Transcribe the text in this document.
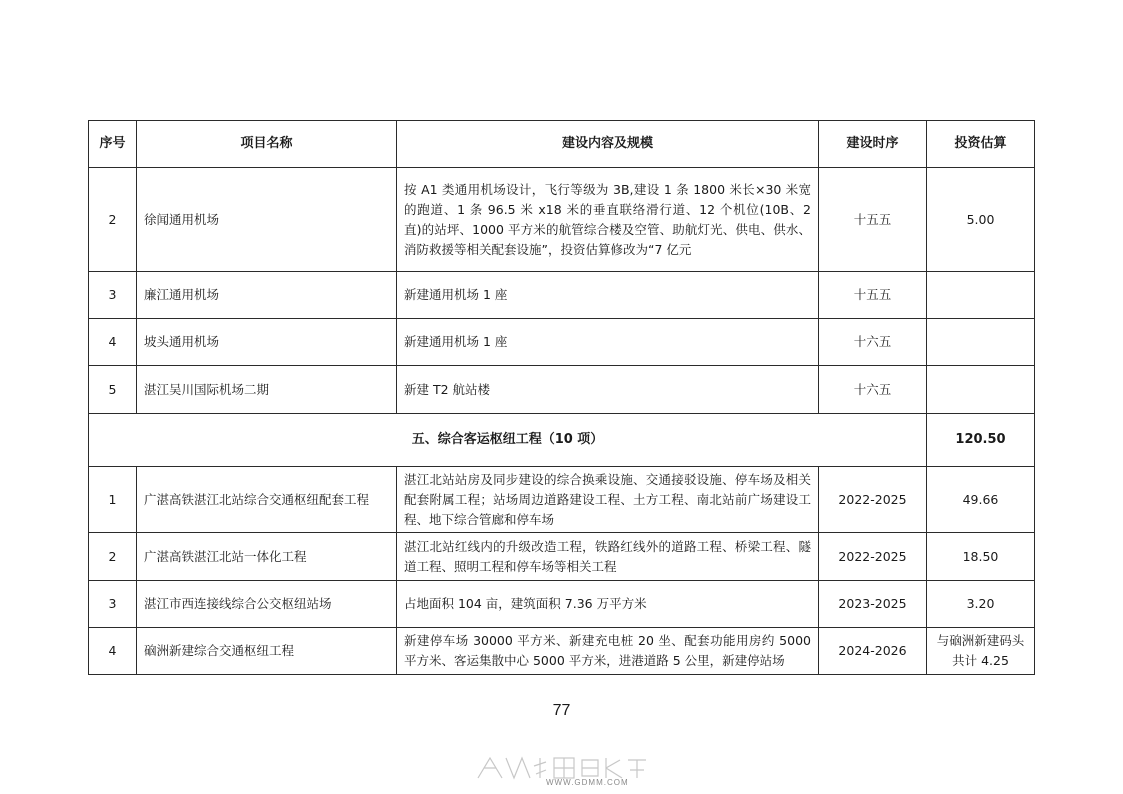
序号	项目名称	建设内容及规模	建设时序	投资估算
2	徐闻通用机场	按 A1 类通用机场设计，飞行等级为 3B,建设 1 条 1800 米长×30 米宽的跑道、1 条 96.5 米 x18 米的垂直联络滑行道、12 个机位(10B、2 直)的站坪、1000 平方米的航管综合楼及空管、助航灯光、供电、供水、消防救援等相关配套设施”，投资估算修改为“7 亿元	十五五	5.00
3	廉江通用机场	新建通用机场 1 座	十五五	
4	坡头通用机场	新建通用机场 1 座	十六五	
5	湛江吴川国际机场二期	新建 T2 航站楼	十六五	
五、综合客运枢纽工程（10 项）				120.50
1	广湛高铁湛江北站综合交通枢纽配套工程	湛江北站站房及同步建设的综合换乘设施、交通接驳设施、停车场及相关配套附属工程；站场周边道路建设工程、土方工程、南北站前广场建设工程、地下综合管廊和停车场	2022-2025	49.66
2	广湛高铁湛江北站一体化工程	湛江北站红线内的升级改造工程，铁路红线外的道路工程、桥梁工程、隧道工程、照明工程和停车场等相关工程	2022-2025	18.50
3	湛江市西连接线综合公交枢纽站场	占地面积 104 亩，建筑面积 7.36 万平方米	2023-2025	3.20
4	硇洲新建综合交通枢纽工程	新建停车场 30000 平方米、新建充电桩 20 坐、配套功能用房约 5000 平方米、客运集散中心 5000 平方米，进港道路 5 公里，新建停站场	2024-2026	与硇洲新建码头共计 4.25
77
WWW.GDMM.COM
